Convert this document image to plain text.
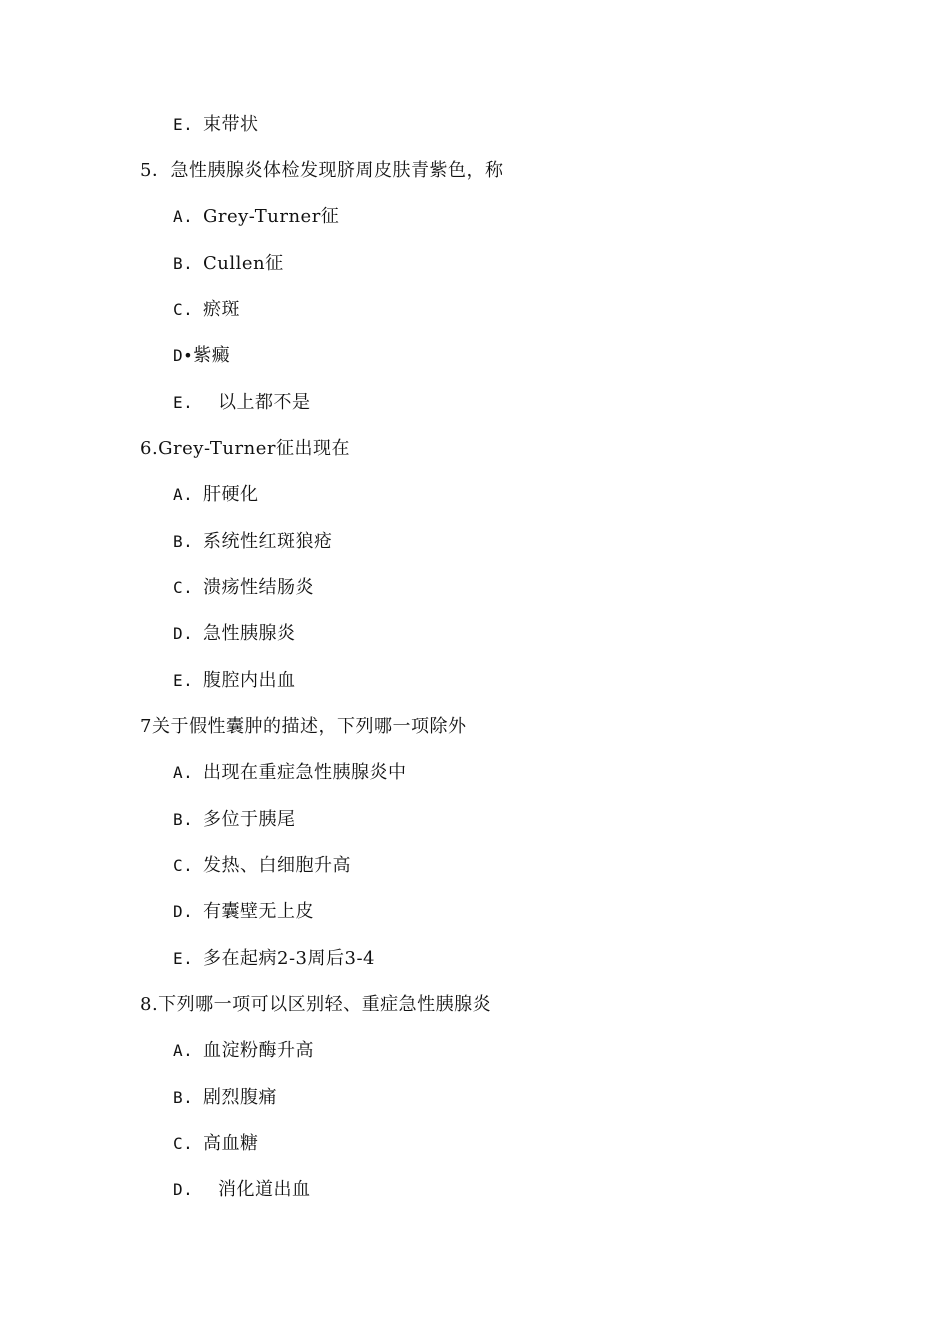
E. 束带状
5．急性胰腺炎体检发现脐周皮肤青紫色，称
A. Grey-Turner征
B. Cullen征
C. 瘀斑
D•紫癜
E. 以上都不是
6.Grey-Turner征出现在
A. 肝硬化
B. 系统性红斑狼疮
C. 溃疡性结肠炎
D. 急性胰腺炎
E. 腹腔内出血
7关于假性囊肿的描述，下列哪一项除外
A. 出现在重症急性胰腺炎中
B. 多位于胰尾
C. 发热、白细胞升高
D. 有囊壁无上皮
E. 多在起病2-3周后3-4
8.下列哪一项可以区别轻、重症急性胰腺炎
A. 血淀粉酶升高
B. 剧烈腹痛
C. 高血糖
D. 消化道出血
